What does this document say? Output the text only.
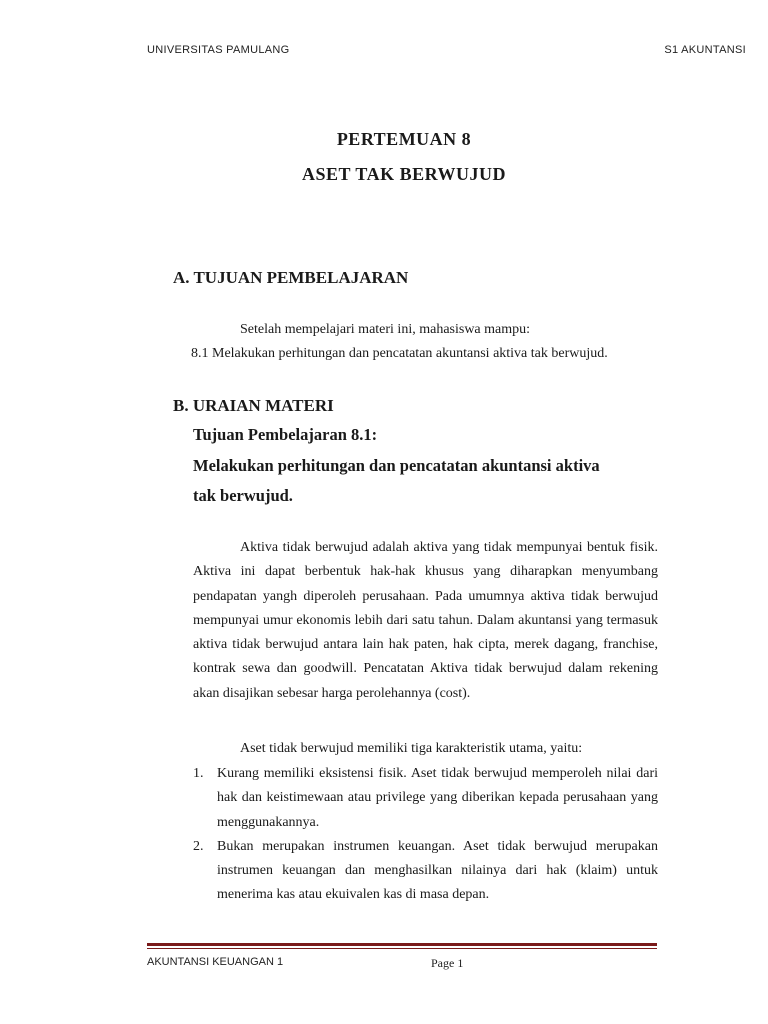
UNIVERSITAS PAMULANG	S1 AKUNTANSI
PERTEMUAN 8
ASET TAK BERWUJUD
A. TUJUAN PEMBELAJARAN
Setelah mempelajari materi ini, mahasiswa mampu:
8.1 Melakukan perhitungan dan pencatatan akuntansi aktiva tak berwujud.
B. URAIAN MATERI
Tujuan Pembelajaran 8.1:
Melakukan perhitungan dan pencatatan akuntansi aktiva
tak berwujud.

Aktiva tidak berwujud adalah aktiva yang tidak mempunyai bentuk fisik. Aktiva ini dapat berbentuk hak-hak khusus yang diharapkan menyumbang pendapatan yangh diperoleh perusahaan. Pada umumnya aktiva tidak berwujud mempunyai umur ekonomis lebih dari satu tahun. Dalam akuntansi yang termasuk aktiva tidak berwujud antara lain hak paten, hak cipta, merek dagang, franchise, kontrak sewa dan goodwill. Pencatatan Aktiva tidak berwujud dalam rekening akan disajikan sebesar harga perolehannya (cost).

Aset tidak berwujud memiliki tiga karakteristik utama, yaitu:
1. Kurang memiliki eksistensi fisik. Aset tidak berwujud memperoleh nilai dari hak dan keistimewaan atau privilege yang diberikan kepada perusahaan yang menggunakannya.
2. Bukan merupakan instrumen keuangan. Aset tidak berwujud merupakan instrumen keuangan dan menghasilkan nilainya dari hak (klaim) untuk menerima kas atau ekuivalen kas di masa depan.
AKUNTANSI KEUANGAN 1	Page 1
